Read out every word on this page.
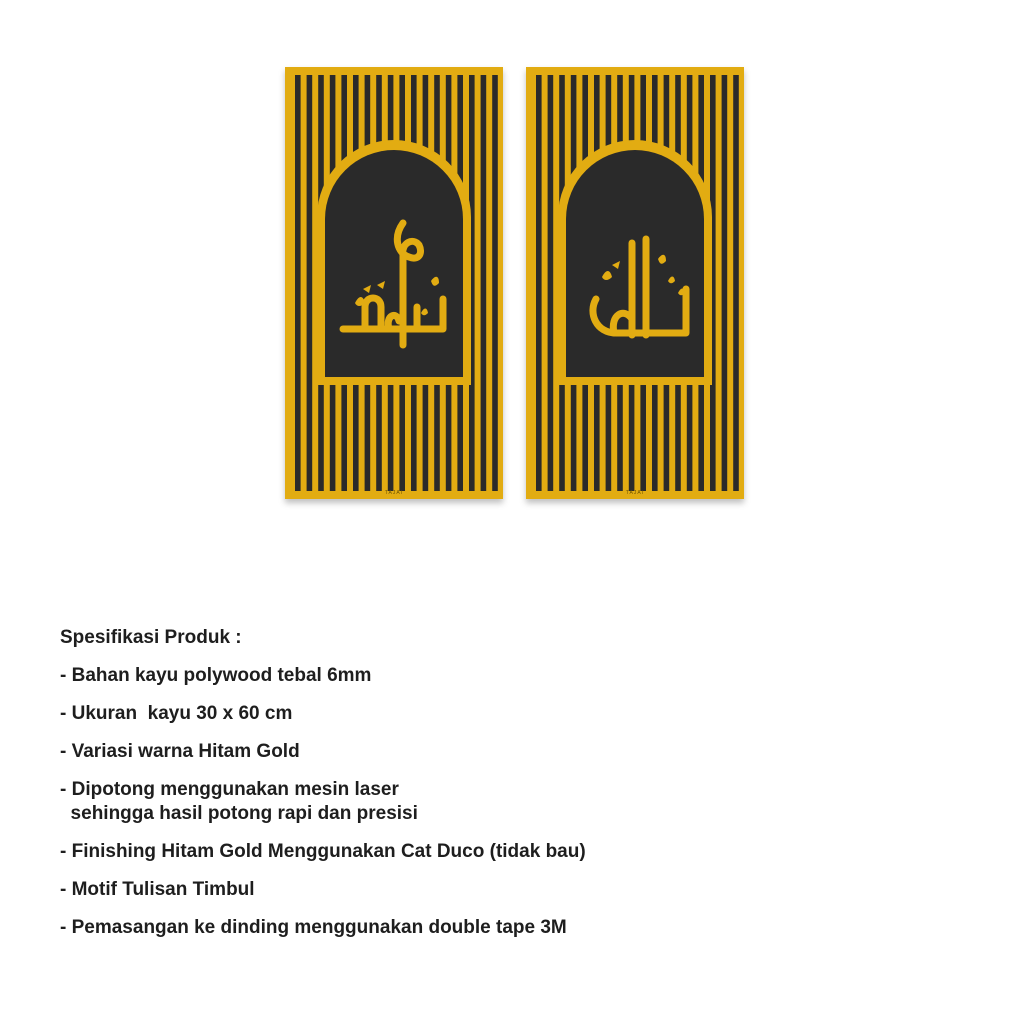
TAJAI	TAJAI
Spesifikasi Produk :
- Bahan kayu polywood tebal 6mm
- Ukuran  kayu 30 x 60 cm
- Variasi warna Hitam Gold
- Dipotong menggunakan mesin laser
sehingga hasil potong rapi dan presisi
- Finishing Hitam Gold Menggunakan Cat Duco (tidak bau)
- Motif Tulisan Timbul
- Pemasangan ke dinding menggunakan double tape 3M
